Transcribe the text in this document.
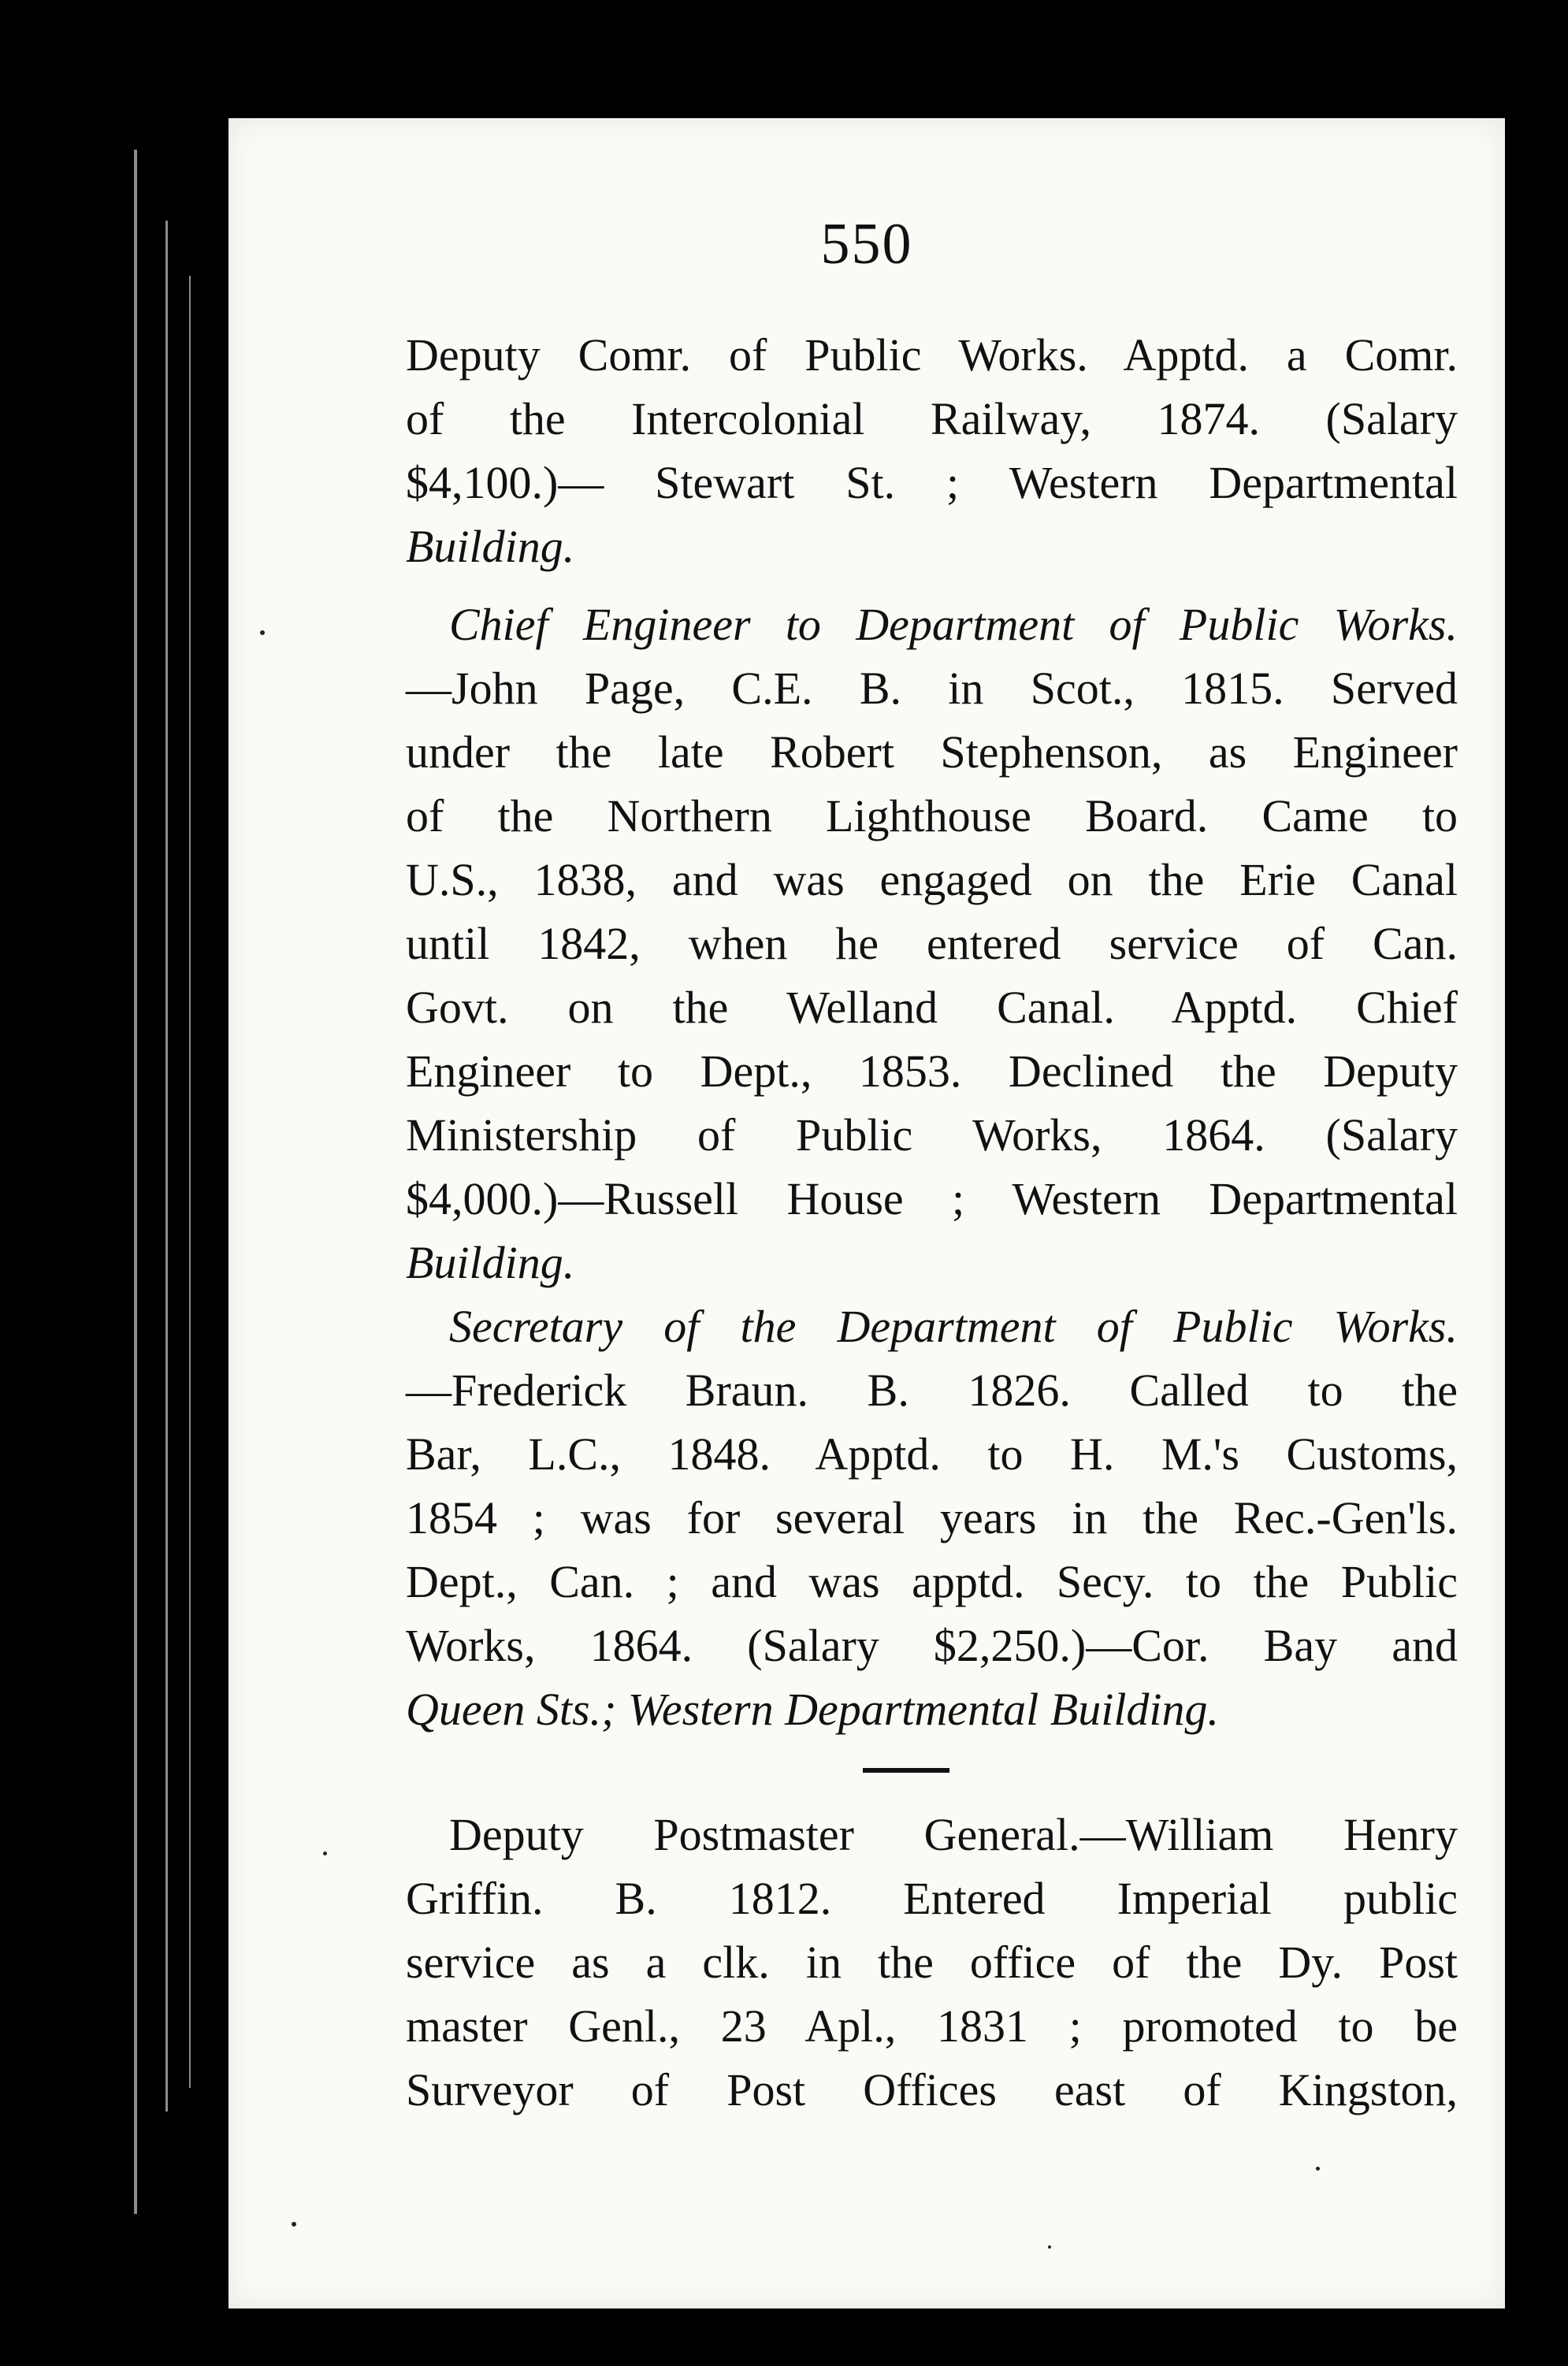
550
Deputy Comr. of Public Works. Apptd. a Comr.
of the Intercolonial Railway, 1874. (Salary
$4,100.)— Stewart St. ; Western Departmental
Building.
Chief Engineer to Department of Public Works.
—John Page, C.E. B. in Scot., 1815. Served
under the late Robert Stephenson, as Engineer
of the Northern Lighthouse Board. Came to
U.S., 1838, and was engaged on the Erie Canal
until 1842, when he entered service of Can.
Govt. on the Welland Canal. Apptd. Chief
Engineer to Dept., 1853. Declined the Deputy
Ministership of Public Works, 1864. (Salary
$4,000.)—Russell House ; Western Departmental
Building.
Secretary of the Department of Public Works.
—Frederick Braun. B. 1826. Called to the
Bar, L.C., 1848. Apptd. to H. M.'s Customs,
1854 ; was for several years in the Rec.-Gen'ls.
Dept., Can. ; and was apptd. Secy. to the Public
Works, 1864. (Salary $2,250.)—Cor. Bay and
Queen Sts.; Western Departmental Building.
Deputy Postmaster General.—William Henry
Griffin. B. 1812. Entered Imperial public
service as a clk. in the office of the Dy. Post
master Genl., 23 Apl., 1831 ; promoted to be
Surveyor of Post Offices east of Kingston,
